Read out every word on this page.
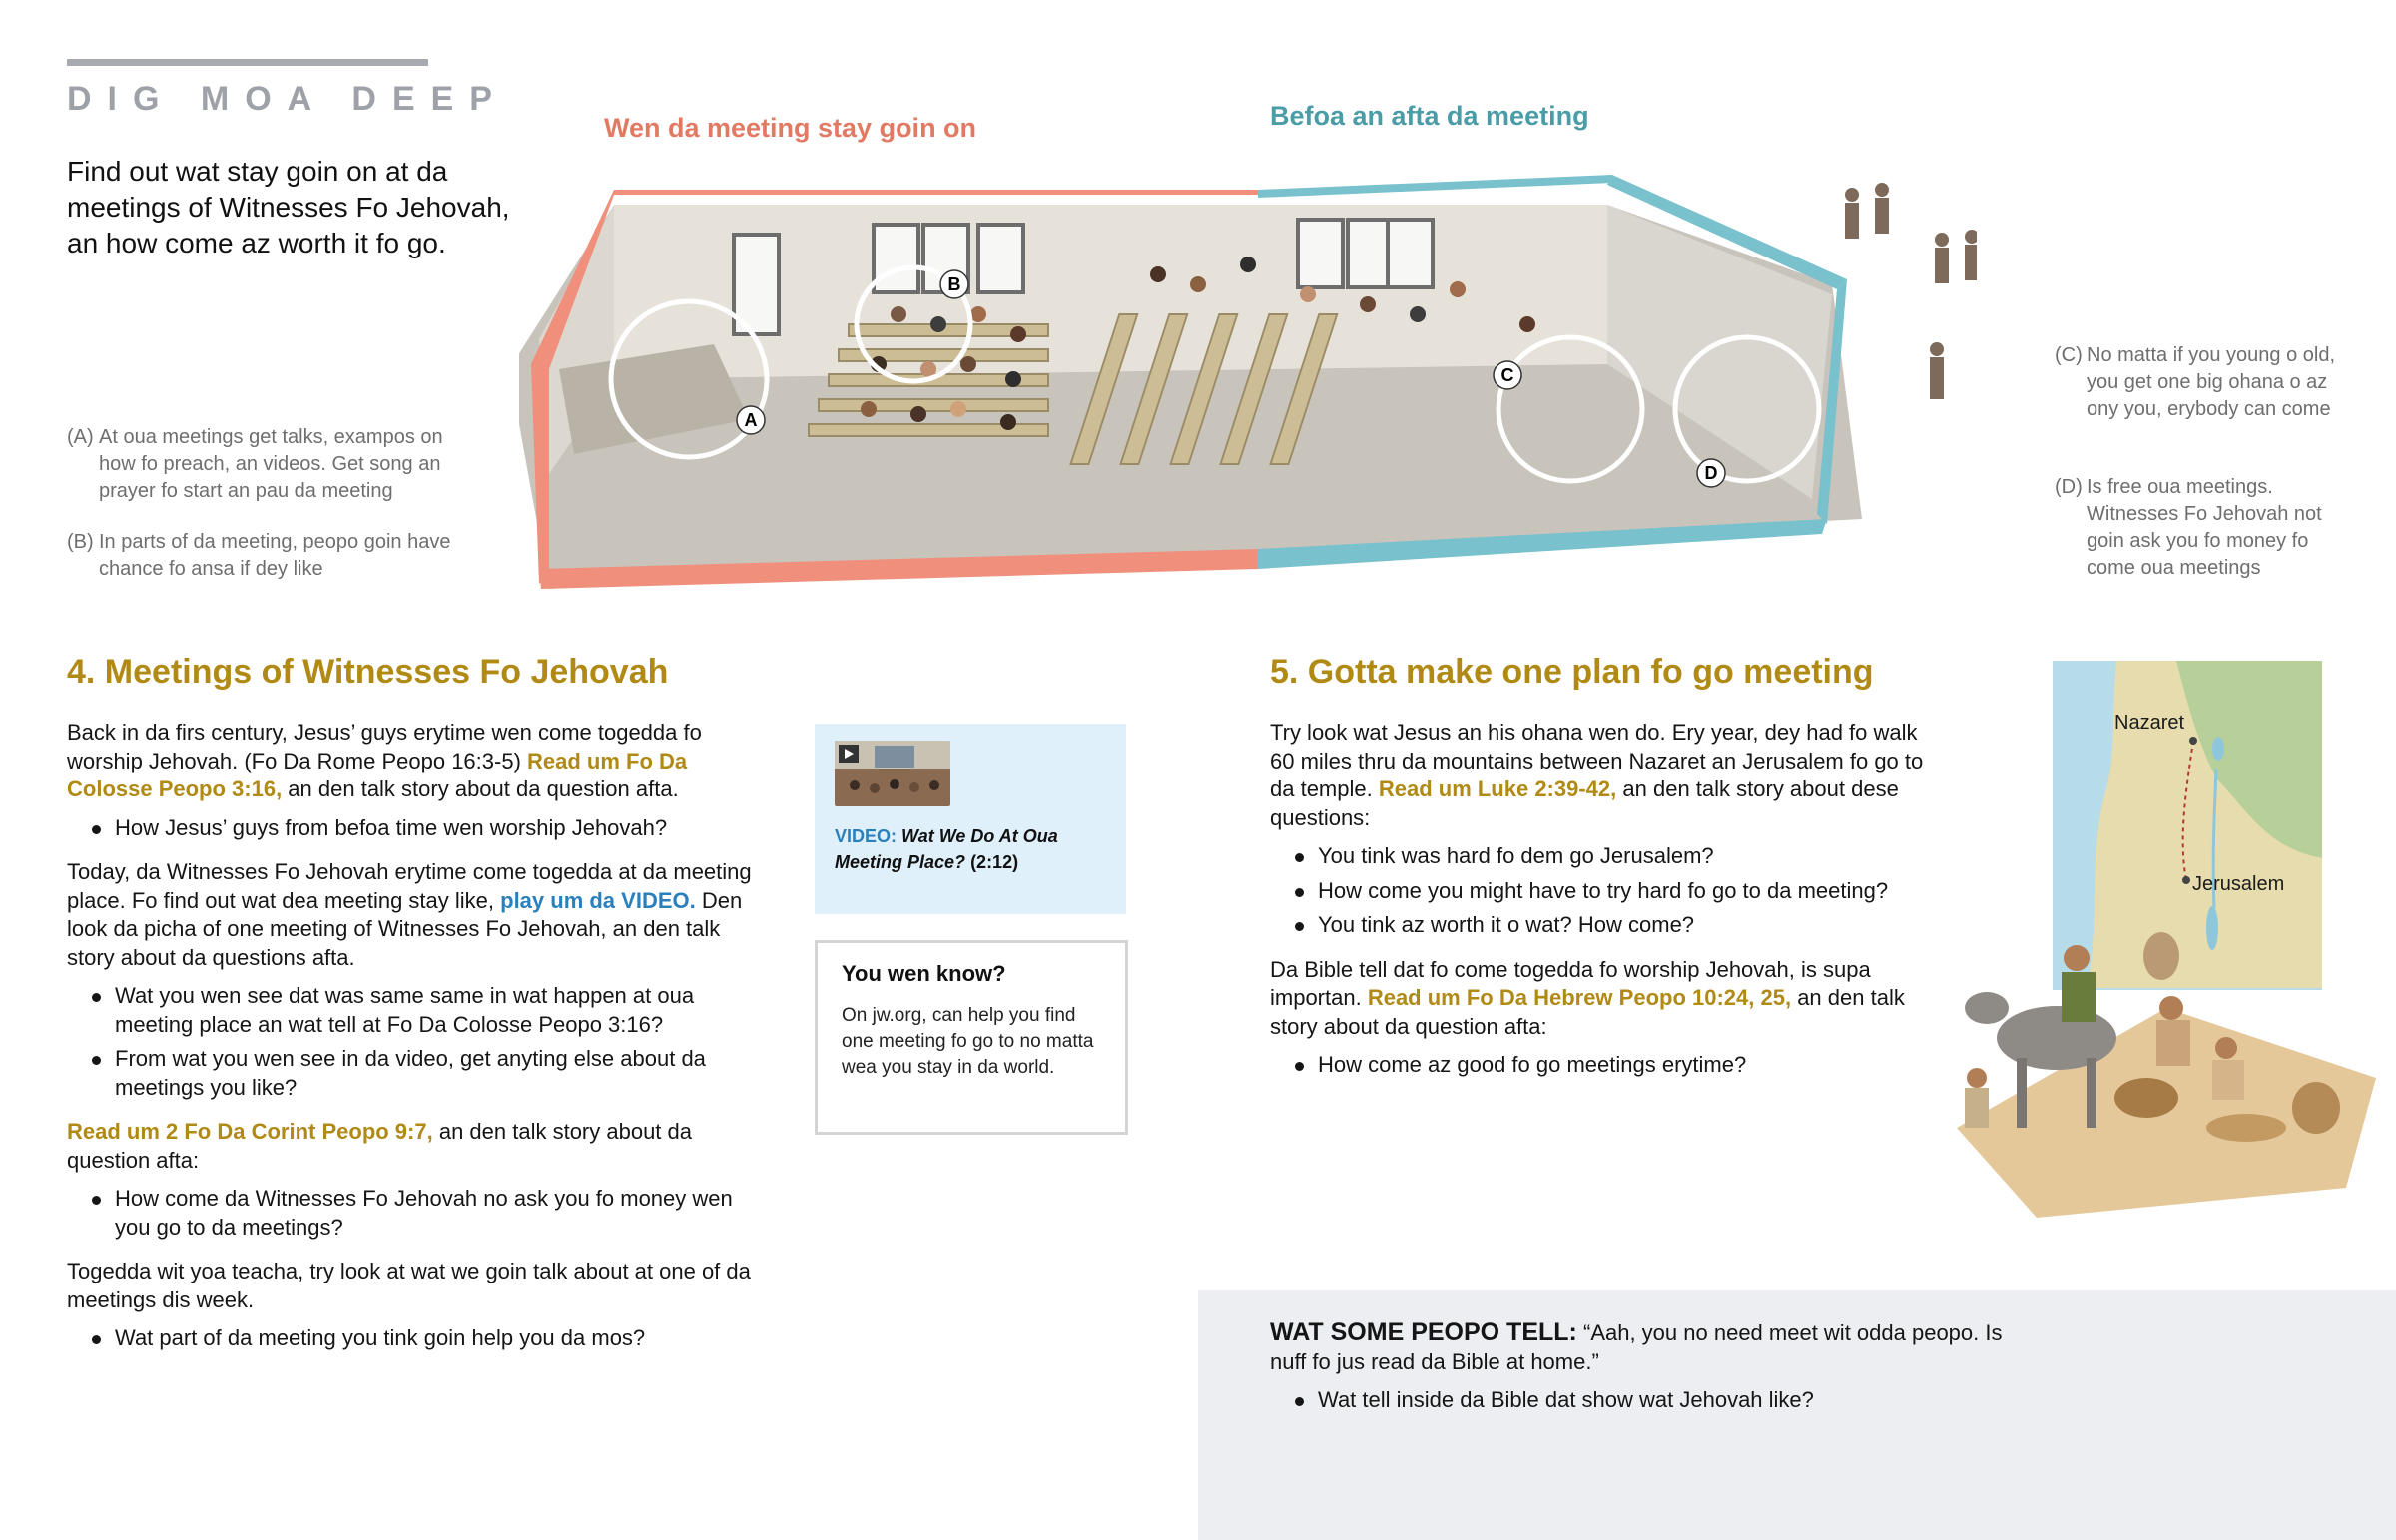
DIG MOA DEEP
Find out wat stay goin on at da meetings of Witnesses Fo Jehovah, an how come az worth it fo go.
Wen da meeting stay goin on	Befoa an afta da meeting
A
B
C
D
(A) At oua meetings get talks, exampos on how fo preach, an videos. Get song an prayer fo start an pau da meeting
(B) In parts of da meeting, peopo goin have chance fo ansa if dey like
(C) No matta if you young o old, you get one big ohana o az ony you, erybody can come
(D) Is free oua meetings. Witnesses Fo Jehovah not goin ask you fo money fo come oua meetings
4. Meetings of Witnesses Fo Jehovah
Back in da firs century, Jesus’ guys erytime wen come togedda fo worship Jehovah. (Fo Da Rome Peopo 16:3-5) Read um Fo Da Colosse Peopo 3:16, an den talk story about da question afta.
How Jesus’ guys from befoa time wen worship Jehovah?
Today, da Witnesses Fo Jehovah erytime come togedda at da meeting place. Fo find out wat dea meeting stay like, play um da VIDEO. Den look da picha of one meeting of Witnesses Fo Jehovah, an den talk story about da questions afta.
Wat you wen see dat was same same in wat happen at oua meeting place an wat tell at Fo Da Colosse Peopo 3:16?
From wat you wen see in da video, get anyting else about da meetings you like?
Read um 2 Fo Da Corint Peopo 9:7, an den talk story about da question afta:
How come da Witnesses Fo Jehovah no ask you fo money wen you go to da meetings?
Togedda wit yoa teacha, try look at wat we goin talk about at one of da meetings dis week.
Wat part of da meeting you tink goin help you da mos?
VIDEO: Wat We Do At Oua Meeting Place? (2:12)
You wen know?
On jw.org, can help you find one meeting fo go to no matta wea you stay in da world.
5. Gotta make one plan fo go meeting
Try look wat Jesus an his ohana wen do. Ery year, dey had fo walk 60 miles thru da mountains between Nazaret an Jerusalem fo go to da temple. Read um Luke 2:39-42, an den talk story about dese questions:
You tink was hard fo dem go Jerusalem?
How come you might have to try hard fo go to da meeting?
You tink az worth it o wat? How come?
Da Bible tell dat fo come togedda fo worship Jehovah, is supa importan. Read um Fo Da Hebrew Peopo 10:24, 25, an den talk story about da question afta:
How come az good fo go meetings erytime?
Nazaret
Jerusalem
WAT SOME PEOPO TELL: “Aah, you no need meet wit odda peopo. Is nuff fo jus read da Bible at home.”
Wat tell inside da Bible dat show wat Jehovah like?
